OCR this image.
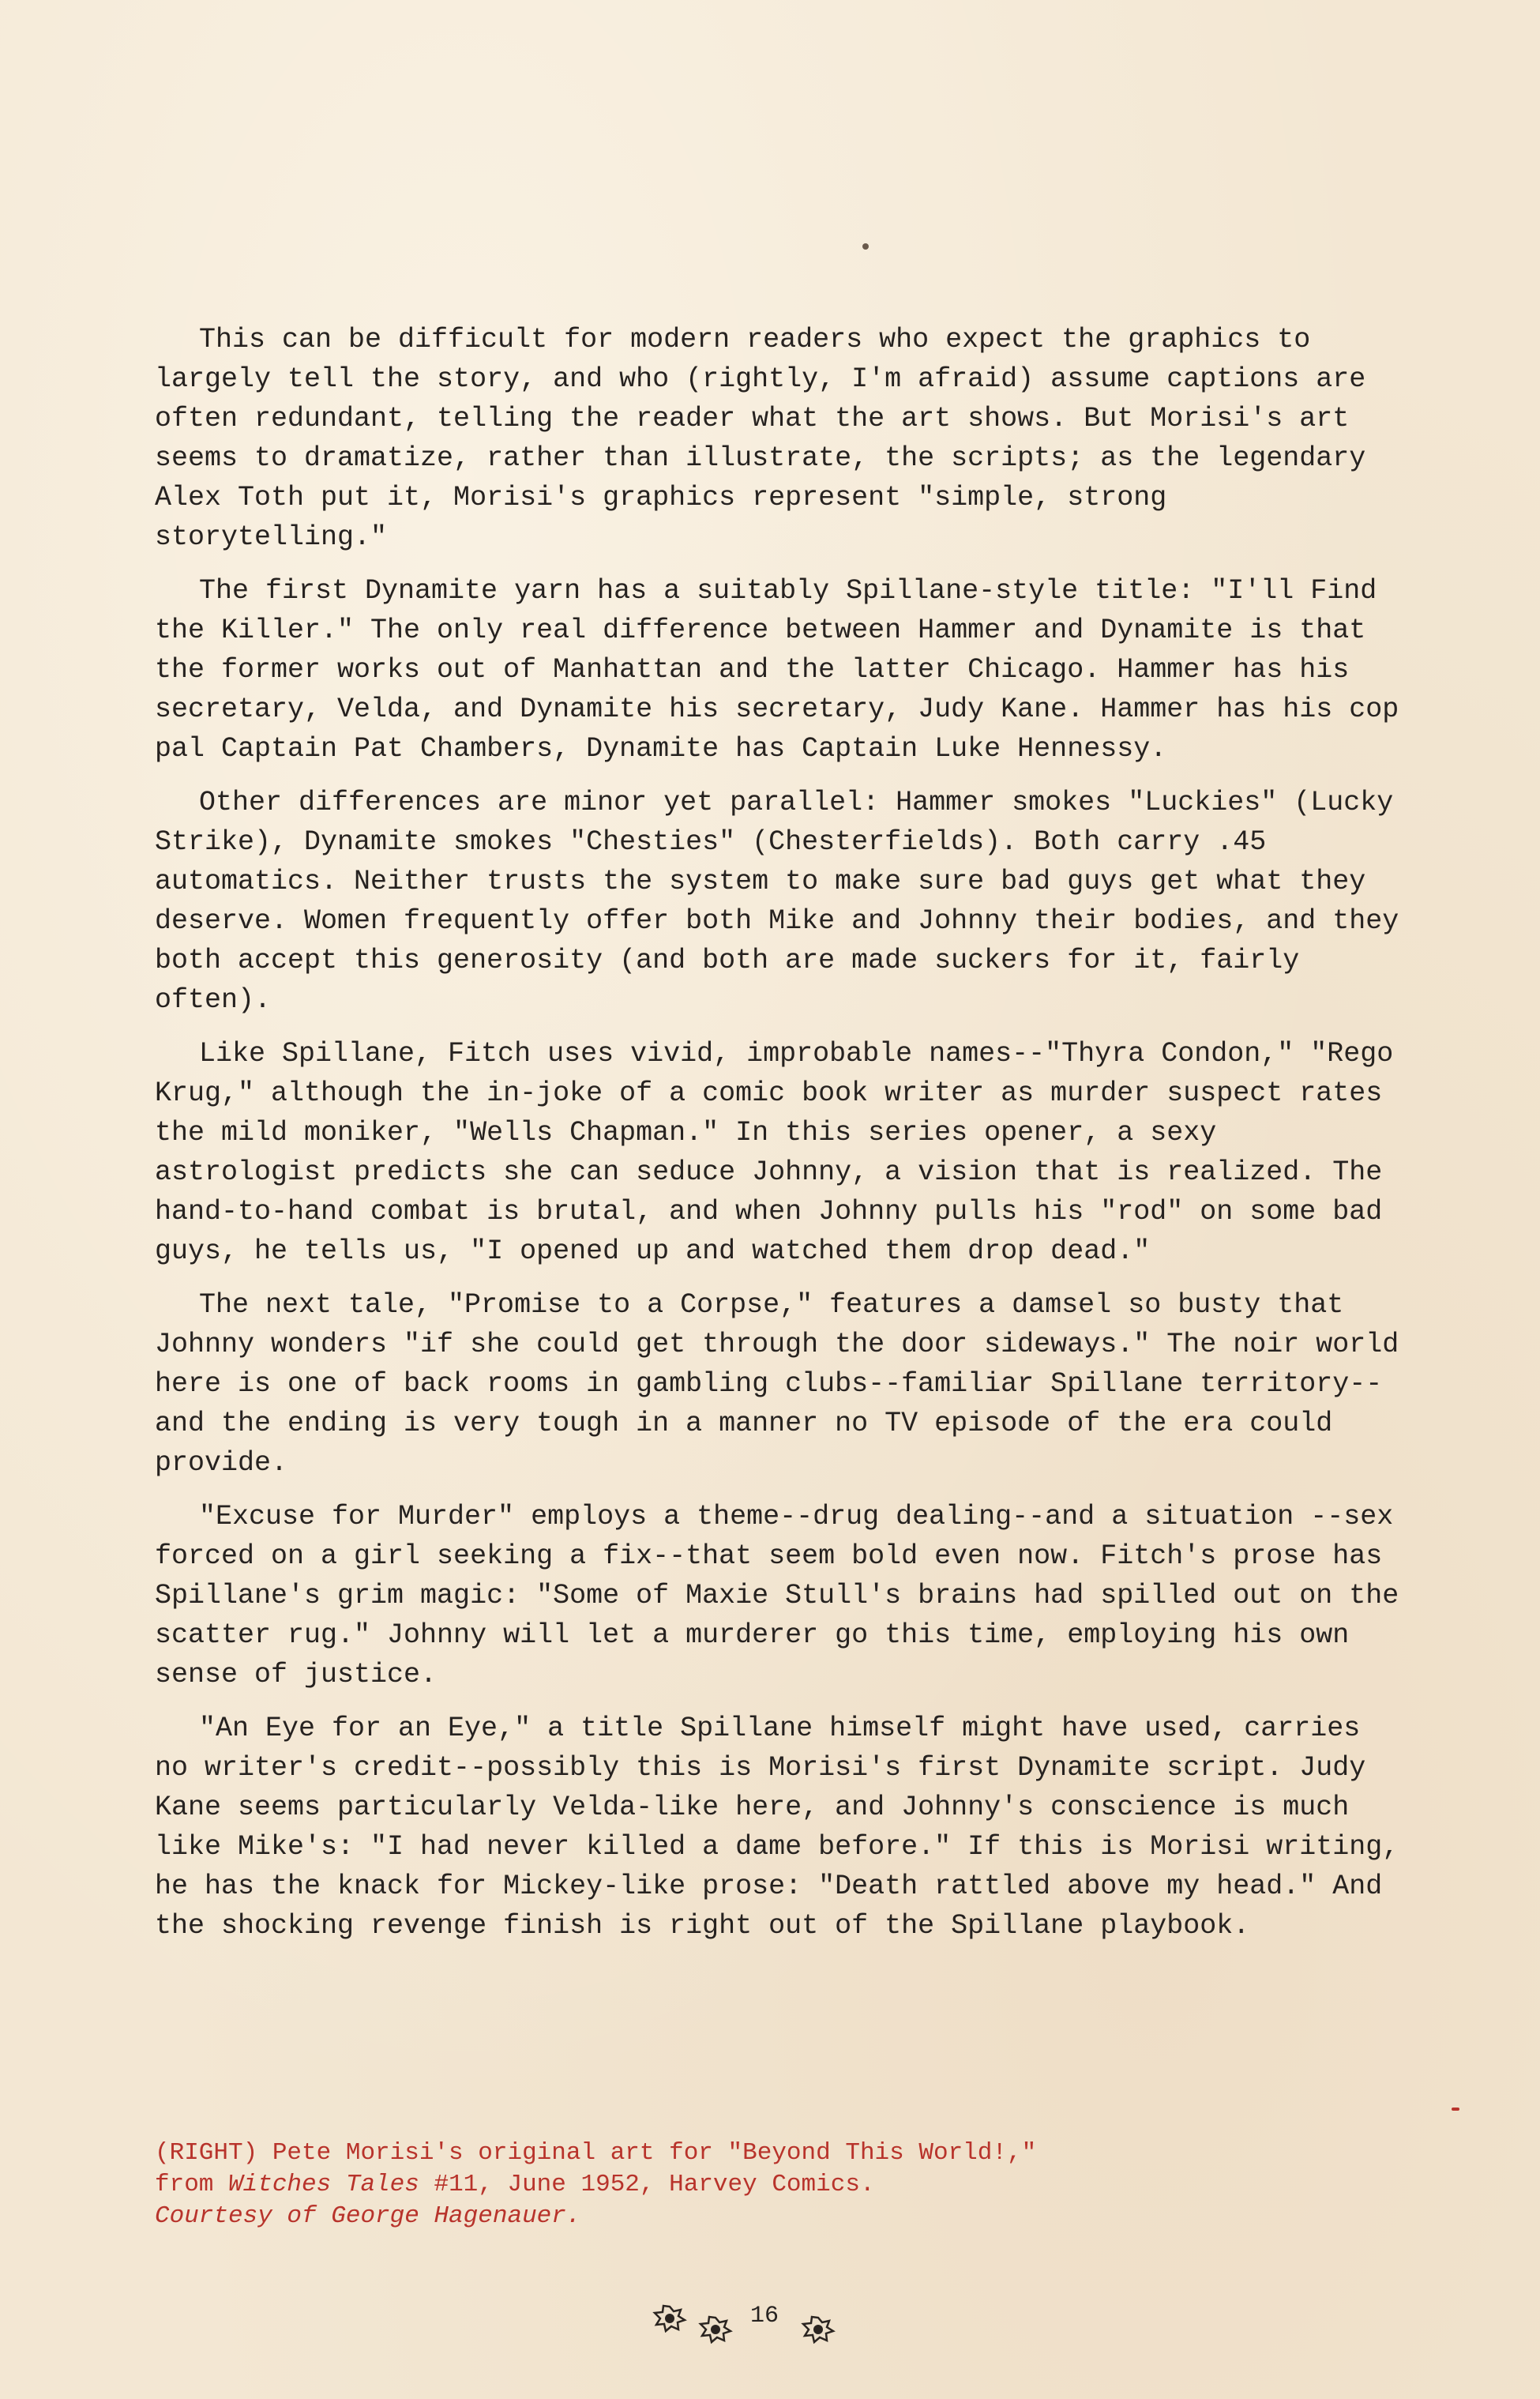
This can be difficult for modern readers who expect the graphics to largely tell the story, and who (rightly, I'm afraid) assume captions are often redundant, telling the reader what the art shows. But Morisi's art seems to dramatize, rather than illustrate, the scripts; as the legendary Alex Toth put it, Morisi's graphics represent "simple, strong storytelling."

The first Dynamite yarn has a suitably Spillane-style title: "I'll Find the Killer." The only real difference between Hammer and Dynamite is that the former works out of Manhattan and the latter Chicago. Hammer has his secretary, Velda, and Dynamite his secretary, Judy Kane. Hammer has his cop pal Captain Pat Chambers, Dynamite has Captain Luke Hennessy.

Other differences are minor yet parallel: Hammer smokes "Luckies" (Lucky Strike), Dynamite smokes "Chesties" (Chesterfields). Both carry .45 automatics. Neither trusts the system to make sure bad guys get what they deserve. Women frequently offer both Mike and Johnny their bodies, and they both accept this generosity (and both are made suckers for it, fairly often).

Like Spillane, Fitch uses vivid, improbable names--"Thyra Condon," "Rego Krug," although the in-joke of a comic book writer as murder suspect rates the mild moniker, "Wells Chapman." In this series opener, a sexy astrologist predicts she can seduce Johnny, a vision that is realized. The hand-to-hand combat is brutal, and when Johnny pulls his "rod" on some bad guys, he tells us, "I opened up and watched them drop dead."

The next tale, "Promise to a Corpse," features a damsel so busty that Johnny wonders "if she could get through the door sideways." The noir world here is one of back rooms in gambling clubs--familiar Spillane territory--and the ending is very tough in a manner no TV episode of the era could provide.

"Excuse for Murder" employs a theme--drug dealing--and a situation --sex forced on a girl seeking a fix--that seem bold even now. Fitch's prose has Spillane's grim magic: "Some of Maxie Stull's brains had spilled out on the scatter rug." Johnny will let a murderer go this time, employing his own sense of justice.

"An Eye for an Eye," a title Spillane himself might have used, carries no writer's credit--possibly this is Morisi's first Dynamite script. Judy Kane seems particularly Velda-like here, and Johnny's conscience is much like Mike's: "I had never killed a dame before." If this is Morisi writing, he has the knack for Mickey-like prose: "Death rattled above my head." And the shocking revenge finish is right out of the Spillane playbook.

(RIGHT) Pete Morisi's original art for "Beyond This World!,"
from Witches Tales #11, June 1952, Harvey Comics.
Courtesy of George Hagenauer.
16
